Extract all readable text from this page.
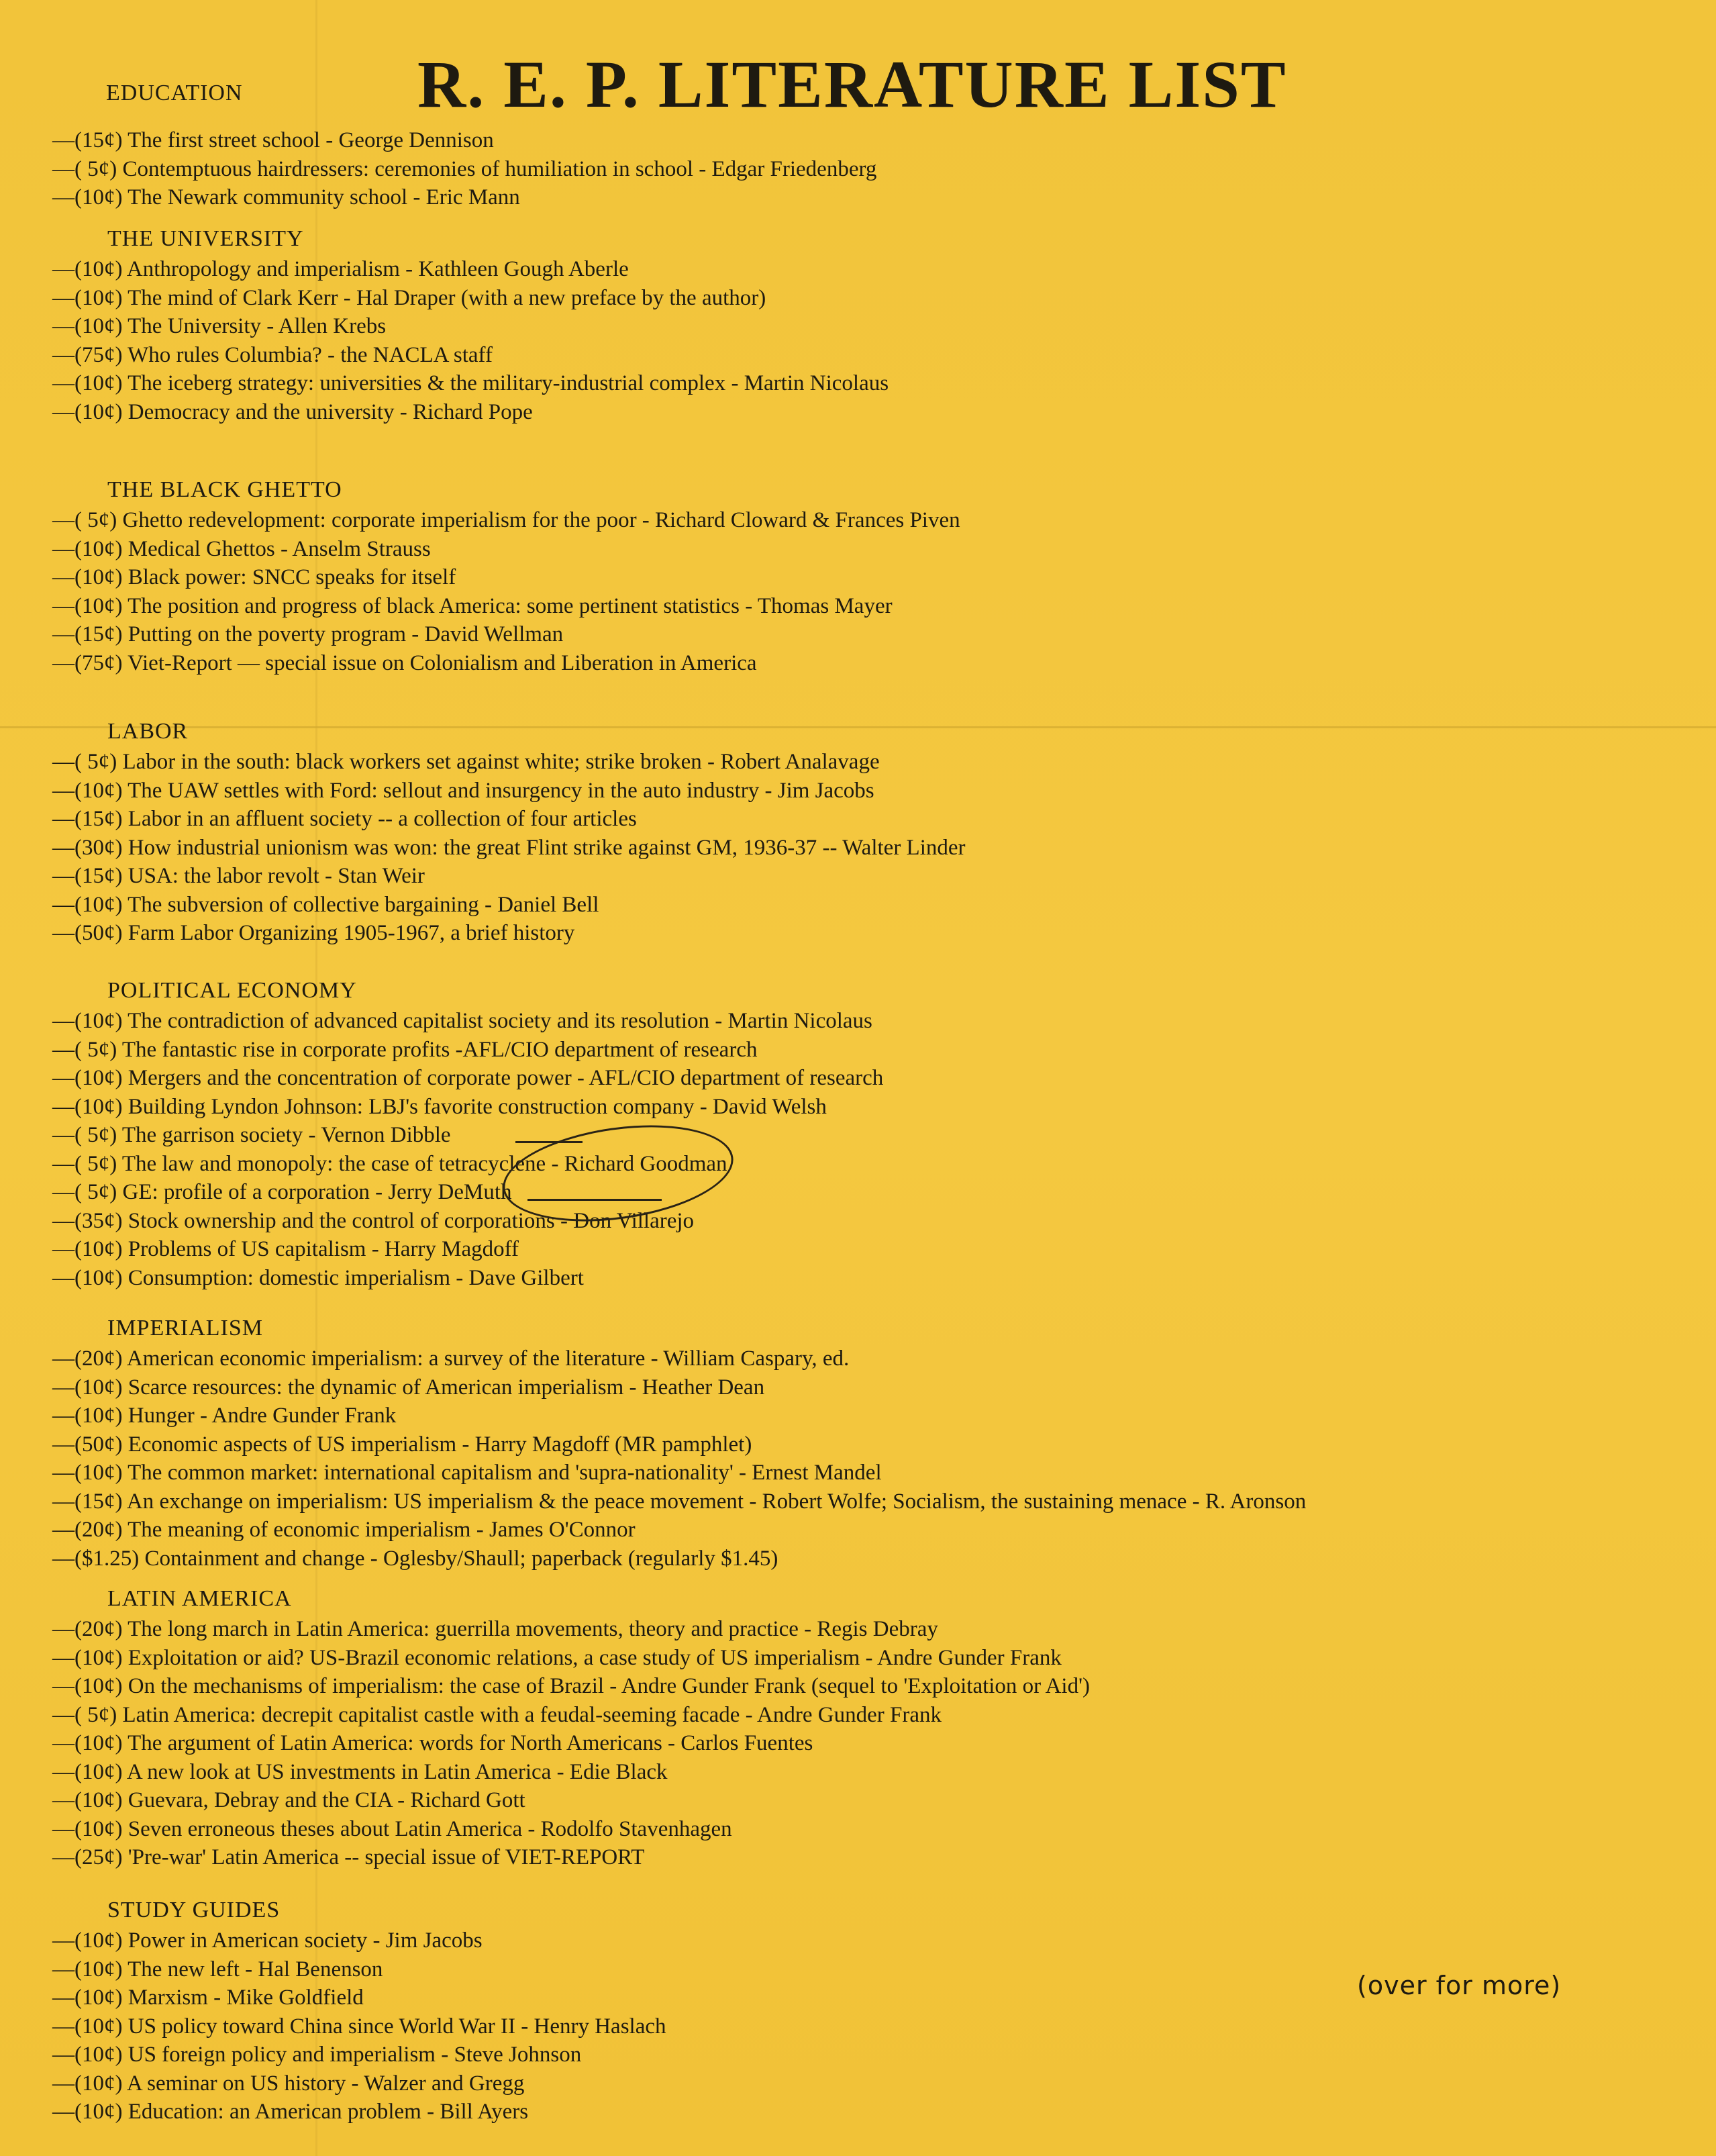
EDUCATION	R. E. P. LITERATURE LIST
—(15¢) The first street school - George Dennison
—( 5¢) Contemptuous hairdressers: ceremonies of humiliation in school - Edgar Friedenberg
—(10¢) The Newark community school - Eric Mann
THE UNIVERSITY
—(10¢) Anthropology and imperialism - Kathleen Gough Aberle
—(10¢) The mind of Clark Kerr - Hal Draper (with a new preface by the author)
—(10¢) The University - Allen Krebs
—(75¢) Who rules Columbia? - the NACLA staff
—(10¢) The iceberg strategy: universities & the military-industrial complex - Martin Nicolaus
—(10¢) Democracy and the university - Richard Pope
THE BLACK GHETTO
—( 5¢) Ghetto redevelopment: corporate imperialism for the poor - Richard Cloward & Frances Piven
—(10¢) Medical Ghettos - Anselm Strauss
—(10¢) Black power: SNCC speaks for itself
—(10¢) The position and progress of black America: some pertinent statistics - Thomas Mayer
—(15¢) Putting on the poverty program - David Wellman
—(75¢) Viet-Report — special issue on Colonialism and Liberation in America
LABOR
—( 5¢) Labor in the south: black workers set against white; strike broken - Robert Analavage
—(10¢) The UAW settles with Ford: sellout and insurgency in the auto industry - Jim Jacobs
—(15¢) Labor in an affluent society -- a collection of four articles
—(30¢) How industrial unionism was won: the great Flint strike against GM, 1936-37 -- Walter Linder
—(15¢) USA: the labor revolt - Stan Weir
—(10¢) The subversion of collective bargaining - Daniel Bell
—(50¢) Farm Labor Organizing 1905-1967, a brief history
POLITICAL ECONOMY
—(10¢) The contradiction of advanced capitalist society and its resolution - Martin Nicolaus
—( 5¢) The fantastic rise in corporate profits -AFL/CIO department of research
—(10¢) Mergers and the concentration of corporate power - AFL/CIO department of research
—(10¢) Building Lyndon Johnson: LBJ's favorite construction company - David Welsh
—( 5¢) The garrison society - Vernon Dibble
—( 5¢) The law and monopoly: the case of tetracyclene - Richard Goodman
—( 5¢) GE: profile of a corporation - Jerry DeMuth
—(35¢) Stock ownership and the control of corporations - Don Villarejo
—(10¢) Problems of US capitalism - Harry Magdoff
—(10¢) Consumption: domestic imperialism - Dave Gilbert
IMPERIALISM
—(20¢) American economic imperialism: a survey of the literature - William Caspary, ed.
—(10¢) Scarce resources: the dynamic of American imperialism - Heather Dean
—(10¢) Hunger - Andre Gunder Frank
—(50¢) Economic aspects of US imperialism - Harry Magdoff (MR pamphlet)
—(10¢) The common market: international capitalism and 'supra-nationality' - Ernest Mandel
—(15¢) An exchange on imperialism: US imperialism & the peace movement - Robert Wolfe; Socialism, the sustaining menace - R. Aronson
—(20¢) The meaning of economic imperialism - James O'Connor
—($1.25) Containment and change - Oglesby/Shaull; paperback (regularly $1.45)
LATIN AMERICA
—(20¢) The long march in Latin America: guerrilla movements, theory and practice - Regis Debray
—(10¢) Exploitation or aid? US-Brazil economic relations, a case study of US imperialism - Andre Gunder Frank
—(10¢) On the mechanisms of imperialism: the case of Brazil - Andre Gunder Frank (sequel to 'Exploitation or Aid')
—( 5¢) Latin America: decrepit capitalist castle with a feudal-seeming facade - Andre Gunder Frank
—(10¢) The argument of Latin America: words for North Americans - Carlos Fuentes
—(10¢) A new look at US investments in Latin America - Edie Black
—(10¢) Guevara, Debray and the CIA - Richard Gott
—(10¢) Seven erroneous theses about Latin America - Rodolfo Stavenhagen
—(25¢) 'Pre-war' Latin America -- special issue of VIET-REPORT
STUDY GUIDES
—(10¢) Power in American society - Jim Jacobs
—(10¢) The new left - Hal Benenson
—(10¢) Marxism - Mike Goldfield
—(10¢) US policy toward China since World War II - Henry Haslach
—(10¢) US foreign policy and imperialism - Steve Johnson
—(10¢) A seminar on US history - Walzer and Gregg
—(10¢) Education: an American problem - Bill Ayers
(over for more)
